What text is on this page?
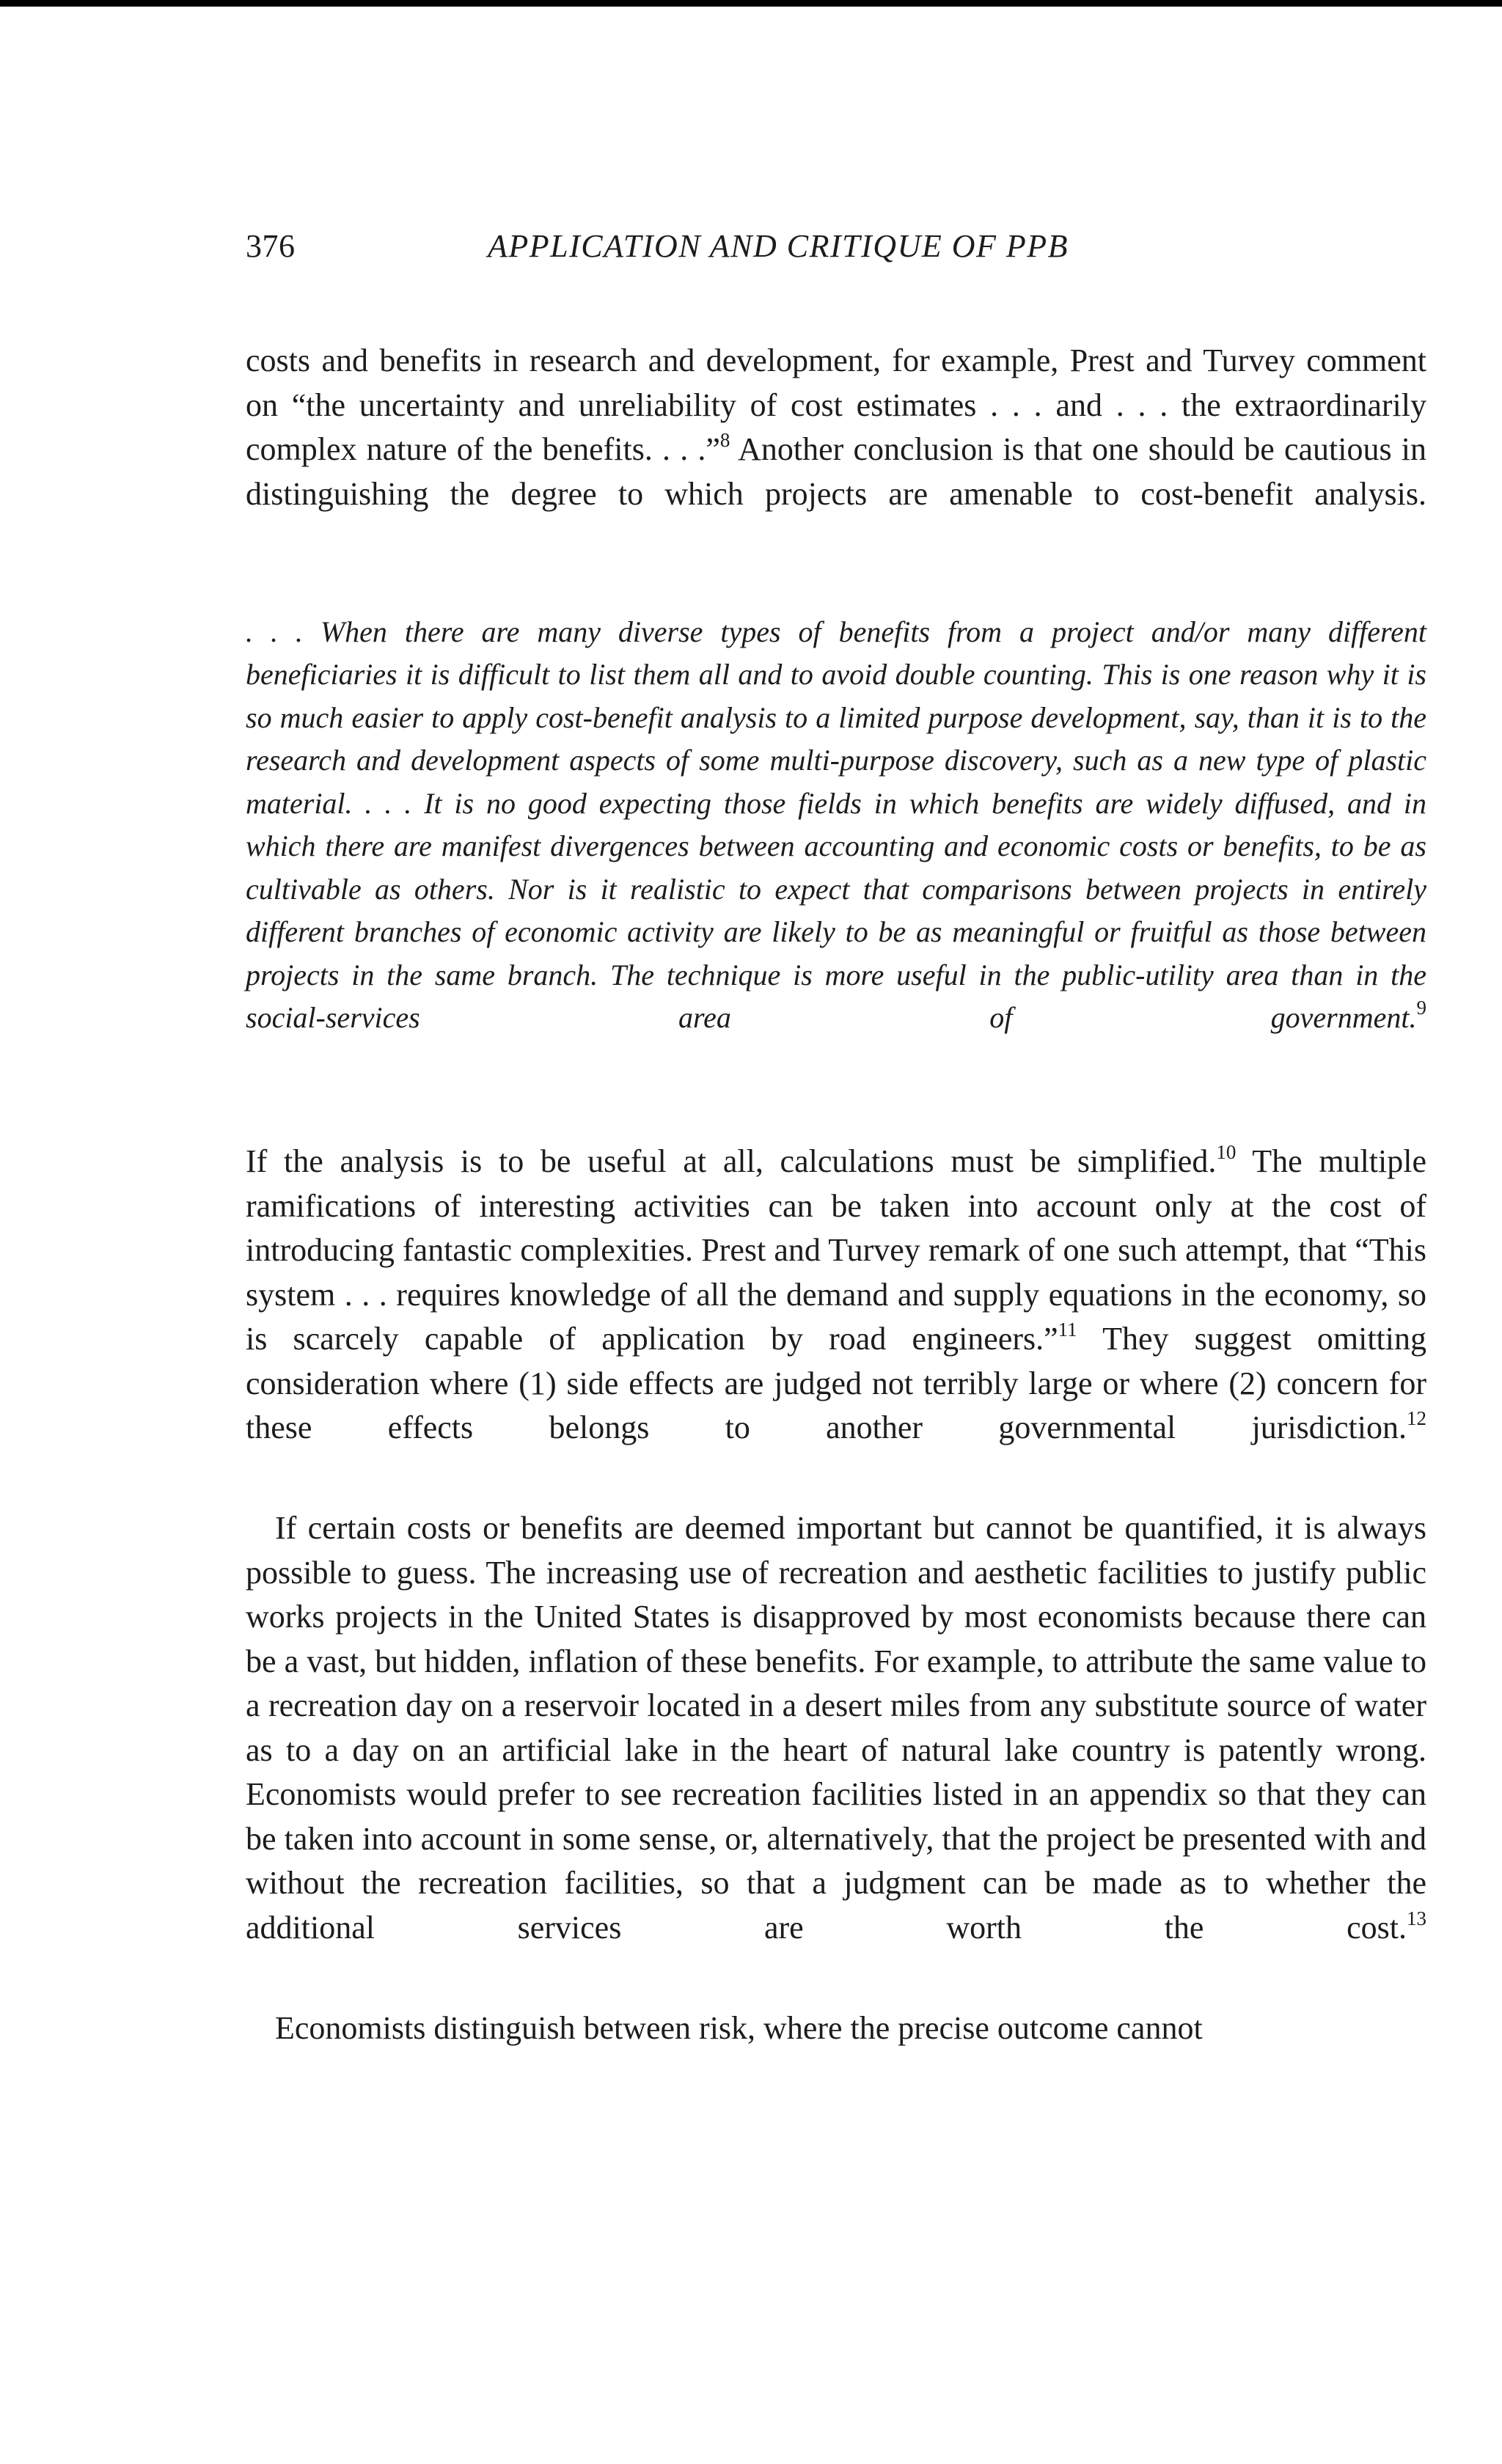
376	APPLICATION AND CRITIQUE OF PPB

costs and benefits in research and development, for example, Prest and Turvey comment on “the uncertainty and unreliability of cost estimates . . . and . . . the extraordinarily complex nature of the benefits. . . .”$^8$ Another conclusion is that one should be cautious in distinguishing the degree to which projects are amenable to cost-benefit analysis.

. . . When there are many diverse types of benefits from a project and/or many different beneficiaries it is difficult to list them all and to avoid double counting. This is one reason why it is so much easier to apply cost-benefit analysis to a limited purpose development, say, than it is to the research and development aspects of some multi-purpose discovery, such as a new type of plastic material. . . . It is no good expecting those fields in which benefits are widely diffused, and in which there are manifest divergences between accounting and economic costs or benefits, to be as cultivable as others. Nor is it realistic to expect that comparisons between projects in entirely different branches of economic activity are likely to be as meaningful or fruitful as those between projects in the same branch. The technique is more useful in the public-utility area than in the social-services area of government.$^9$

If the analysis is to be useful at all, calculations must be simplified.$^{10}$ The multiple ramifications of interesting activities can be taken into account only at the cost of introducing fantastic complexities. Prest and Turvey remark of one such attempt, that “This system . . . requires knowledge of all the demand and supply equations in the economy, so is scarcely capable of application by road engineers.”$^{11}$ They suggest omitting consideration where (1) side effects are judged not terribly large or where (2) concern for these effects belongs to another governmental jurisdiction.$^{12}$

If certain costs or benefits are deemed important but cannot be quantified, it is always possible to guess. The increasing use of recreation and aesthetic facilities to justify public works projects in the United States is disapproved by most economists because there can be a vast, but hidden, inflation of these benefits. For example, to attribute the same value to a recreation day on a reservoir located in a desert miles from any substitute source of water as to a day on an artificial lake in the heart of natural lake country is patently wrong. Economists would prefer to see recreation facilities listed in an appendix so that they can be taken into account in some sense, or, alternatively, that the project be presented with and without the recreation facilities, so that a judgment can be made as to whether the additional services are worth the cost.$^{13}$

Economists distinguish between risk, where the precise outcome cannot
